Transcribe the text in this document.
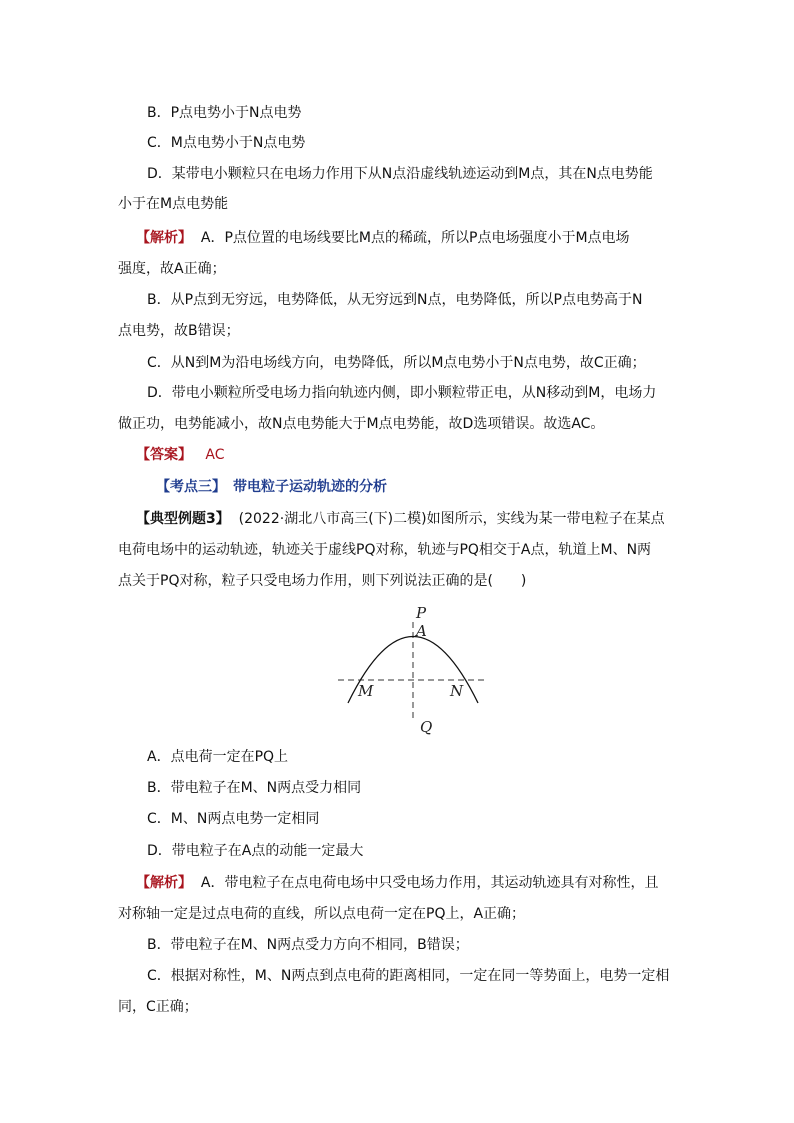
B．P点电势小于N点电势
C．M点电势小于N点电势
D．某带电小颗粒只在电场力作用下从N点沿虚线轨迹运动到M点，其在N点电势能
小于在M点电势能
【解析】 A．P点位置的电场线要比M点的稀疏，所以P点电场强度小于M点电场
强度，故A正确；
B．从P点到无穷远，电势降低，从无穷远到N点，电势降低，所以P点电势高于N
点电势，故B错误；
C．从N到M为沿电场线方向，电势降低，所以M点电势小于N点电势，故C正确；
D．带电小颗粒所受电场力指向轨迹内侧，即小颗粒带正电，从N移动到M，电场力
做正功，电势能减小，故N点电势能大于M点电势能，故D选项错误。故选AC。
【答案】 AC
【考点三】　带电粒子运动轨迹的分析
【典型例题3】 (2022·湖北八市高三(下)二模)如图所示，实线为某一带电粒子在某点
电荷电场中的运动轨迹，轨迹关于虚线PQ对称，轨迹与PQ相交于A点，轨道上M、N两
点关于PQ对称，粒子只受电场力作用，则下列说法正确的是(　　)
P
A
M	N
Q
A．点电荷一定在PQ上
B．带电粒子在M、N两点受力相同
C．M、N两点电势一定相同
D．带电粒子在A点的动能一定最大
【解析】 A．带电粒子在点电荷电场中只受电场力作用，其运动轨迹具有对称性，且
对称轴一定是过点电荷的直线，所以点电荷一定在PQ上，A正确；
B．带电粒子在M、N两点受力方向不相同，B错误；
C．根据对称性，M、N两点到点电荷的距离相同，一定在同一等势面上，电势一定相
同，C正确；
